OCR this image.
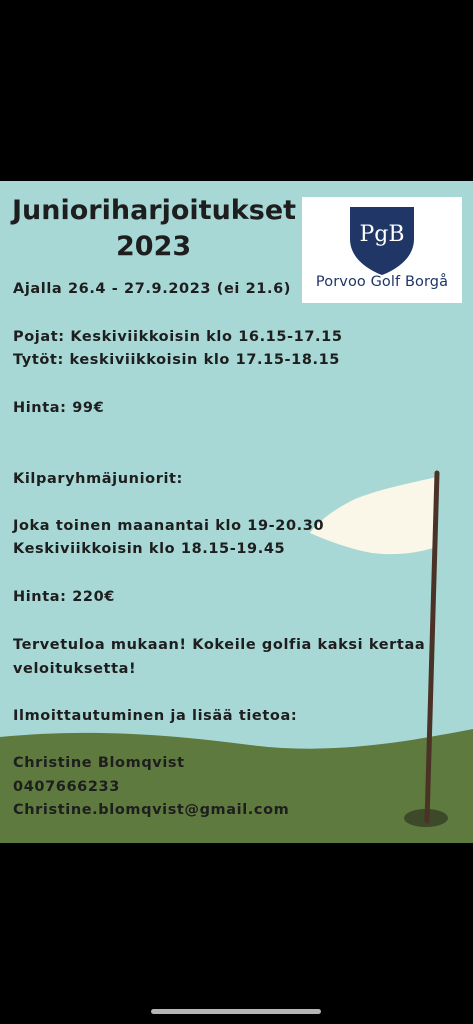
Junioriharjoitukset
2023	PgB
Porvoo Golf Borgå
Ajalla 26.4 - 27.9.2023 (ei 21.6)
Pojat: Keskiviikkoisin klo 16.15-17.15
Tytöt: keskiviikkoisin klo 17.15-18.15
Hinta: 99€
Kilparyhmäjuniorit:
Joka toinen maanantai klo 19-20.30
Keskiviikkoisin klo 18.15-19.45
Hinta: 220€
Tervetuloa mukaan! Kokeile golfia kaksi kertaa veloituksetta!
Ilmoittautuminen ja lisää tietoa:
Christine Blomqvist
0407666233
Christine.blomqvist@gmail.com
